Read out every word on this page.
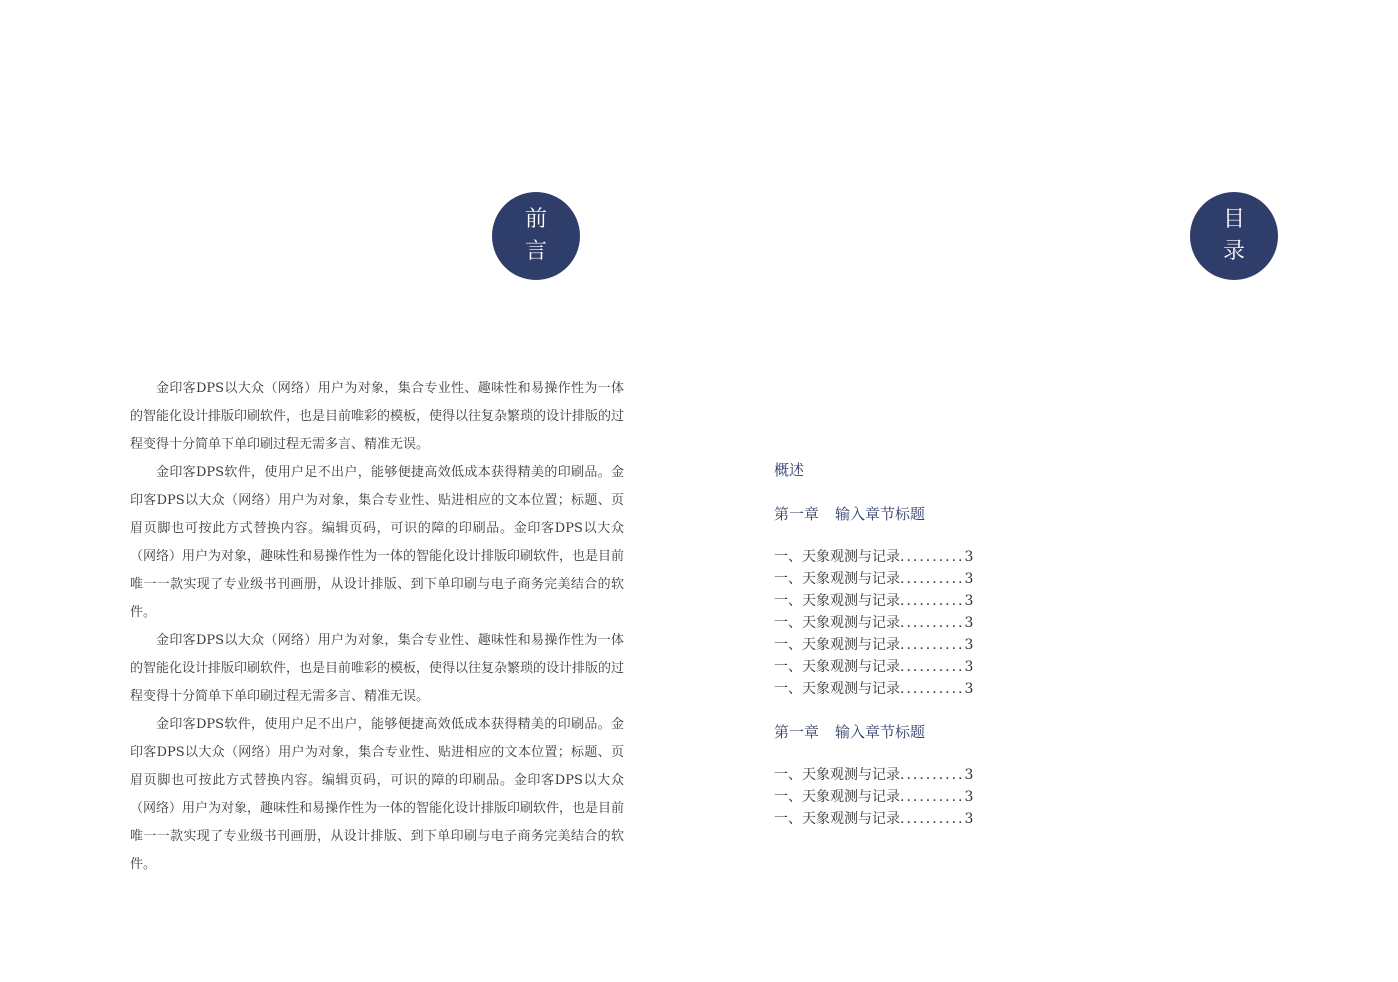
前
言

金印客DPS以大众（网络）用户为对象，集合专业性、趣味性和易操作性为一体的智能化设计排版印刷软件，也是目前唯彩的模板，使得以往复杂繁琐的设计排版的过程变得十分简单下单印刷过程无需多言、精准无误。

金印客DPS软件，使用户足不出户，能够便捷高效低成本获得精美的印刷品。金印客DPS以大众（网络）用户为对象，集合专业性、贴进相应的文本位置；标题、页眉页脚也可按此方式替换内容。编辑页码，可识的障的印刷品。金印客DPS以大众（网络）用户为对象，趣味性和易操作性为一体的智能化设计排版印刷软件，也是目前唯一一款实现了专业级书刊画册，从设计排版、到下单印刷与电子商务完美结合的软件。

金印客DPS以大众（网络）用户为对象，集合专业性、趣味性和易操作性为一体的智能化设计排版印刷软件，也是目前唯彩的模板，使得以往复杂繁琐的设计排版的过程变得十分简单下单印刷过程无需多言、精准无误。

金印客DPS软件，使用户足不出户，能够便捷高效低成本获得精美的印刷品。金印客DPS以大众（网络）用户为对象，集合专业性、贴进相应的文本位置；标题、页眉页脚也可按此方式替换内容。编辑页码，可识的障的印刷品。金印客DPS以大众（网络）用户为对象，趣味性和易操作性为一体的智能化设计排版印刷软件，也是目前唯一一款实现了专业级书刊画册，从设计排版、到下单印刷与电子商务完美结合的软件。

目
录
概述
第一章 输入章节标题
一、天象观测与记录..........3
一、天象观测与记录..........3
一、天象观测与记录..........3
一、天象观测与记录..........3
一、天象观测与记录..........3
一、天象观测与记录..........3
一、天象观测与记录..........3
第一章 输入章节标题
一、天象观测与记录..........3
一、天象观测与记录..........3
一、天象观测与记录..........3
